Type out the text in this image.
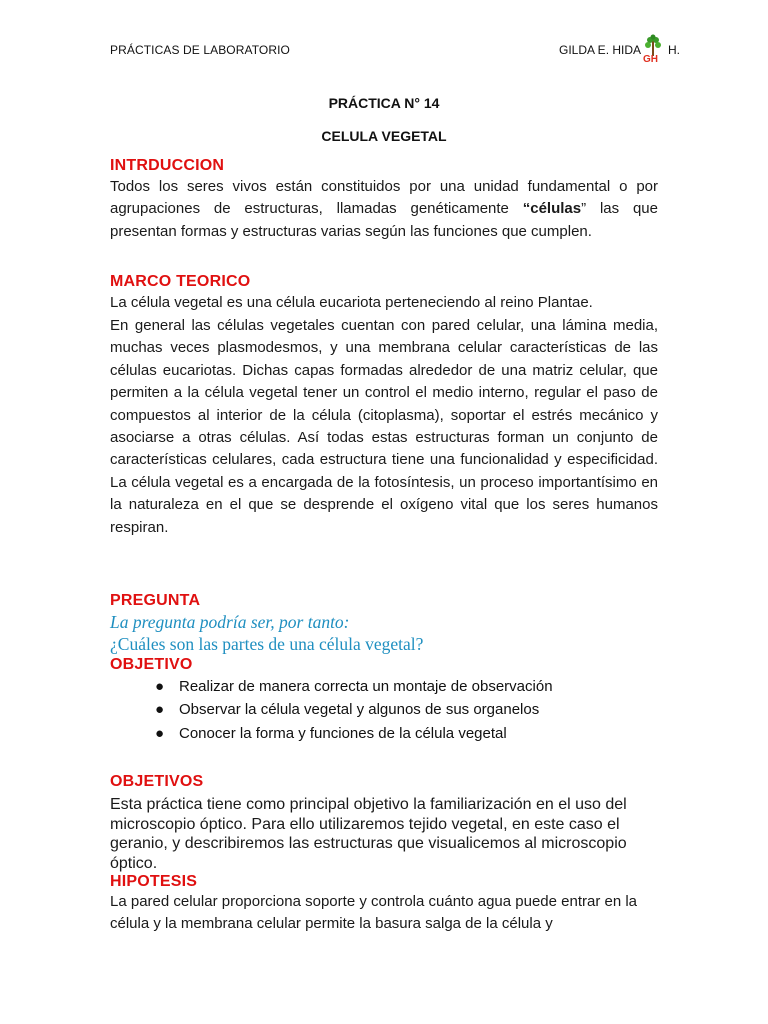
PRÁCTICAS DE LABORATORIO	GILDA E. HIDA H.
GH
PRÁCTICA N° 14
CELULA VEGETAL
INTRDUCCION
Todos los seres vivos están constituidos por una unidad fundamental o por agrupaciones de estructuras, llamadas genéticamente “células” las que presentan formas y estructuras varias según las funciones que cumplen.
MARCO TEORICO
La célula vegetal es una célula eucariota perteneciendo al reino Plantae.
En general las células vegetales cuentan con pared celular, una lámina media, muchas veces plasmodesmos, y una membrana celular características de las células eucariotas. Dichas capas formadas alrededor de una matriz celular, que permiten a la célula vegetal tener un control el medio interno, regular el paso de compuestos al interior de la célula (citoplasma), soportar el estrés mecánico y asociarse a otras células. Así todas estas estructuras forman un conjunto de características celulares, cada estructura tiene una funcionalidad y especificidad. La célula vegetal es a encargada de la fotosíntesis, un proceso importantísimo en la naturaleza en el que se desprende el oxígeno vital que los seres humanos respiran.
PREGUNTA
La pregunta podría ser, por tanto:
¿Cuáles son las partes de una célula vegetal?
OBJETIVO
● Realizar de manera correcta un montaje de observación
● Observar la célula vegetal y algunos de sus organelos
● Conocer la forma y funciones de la célula vegetal
OBJETIVOS
Esta práctica tiene como principal objetivo la familiarización en el uso del microscopio óptico. Para ello utilizaremos tejido vegetal, en este caso el geranio, y describiremos las estructuras que visualicemos al microscopio óptico.
HIPOTESIS
La pared celular proporciona soporte y controla cuánto agua puede entrar en la célula y la membrana celular permite la basura salga de la célula y
